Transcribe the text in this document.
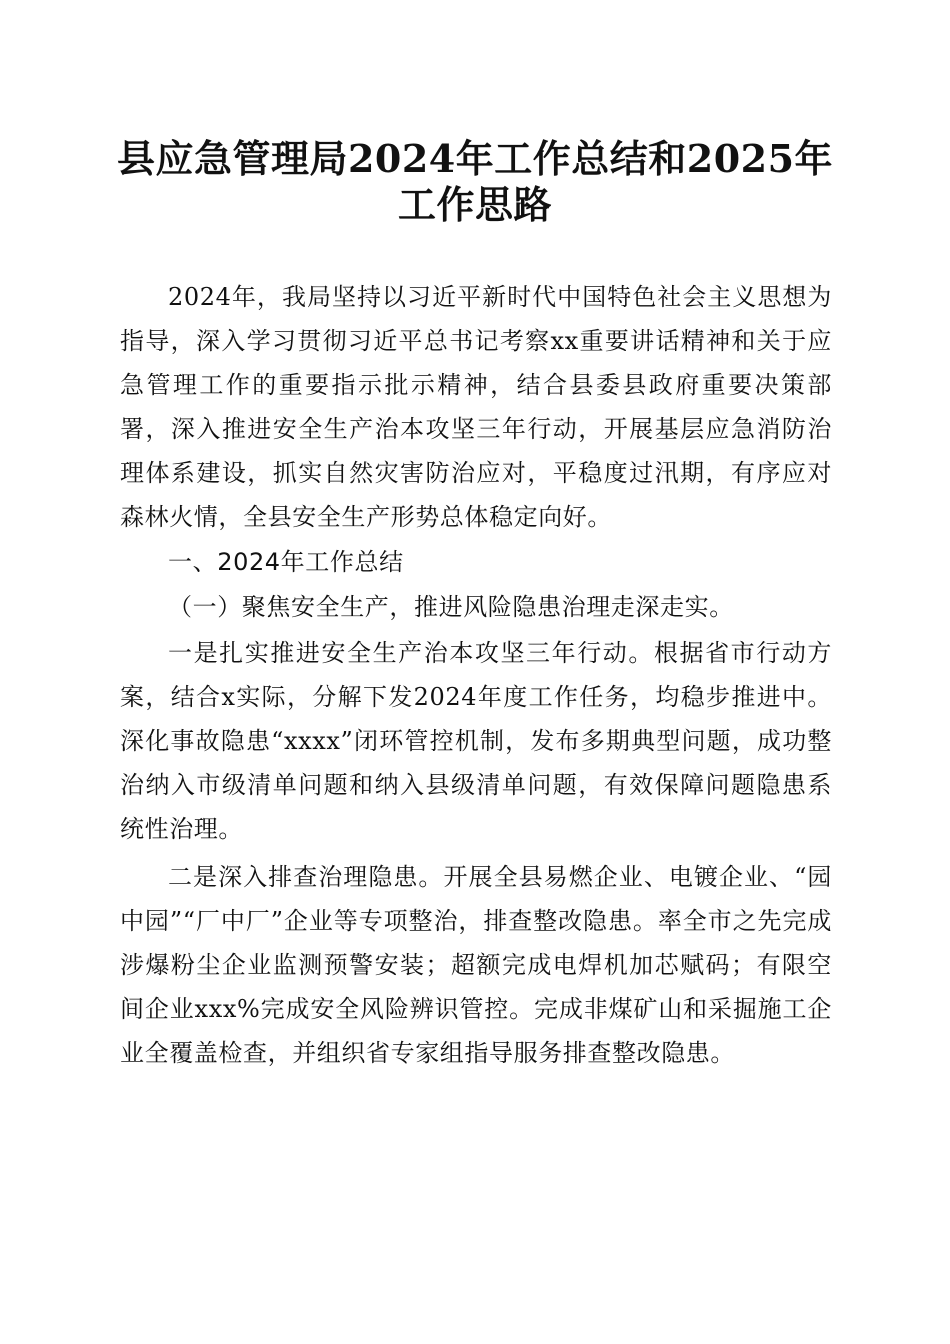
县应急管理局2024年工作总结和2025年工作思路

2024年，我局坚持以习近平新时代中国特色社会主义思想为指导，深入学习贯彻习近平总书记考察xx重要讲话精神和关于应急管理工作的重要指示批示精神，结合县委县政府重要决策部署，深入推进安全生产治本攻坚三年行动，开展基层应急消防治理体系建设，抓实自然灾害防治应对，平稳度过汛期，有序应对森林火情，全县安全生产形势总体稳定向好。

一、2024年工作总结

（一）聚焦安全生产，推进风险隐患治理走深走实。

一是扎实推进安全生产治本攻坚三年行动。根据省市行动方案，结合x实际，分解下发2024年度工作任务，均稳步推进中。深化事故隐患“xxxx”闭环管控机制，发布多期典型问题，成功整治纳入市级清单问题和纳入县级清单问题，有效保障问题隐患系统性治理。

二是深入排查治理隐患。开展全县易燃企业、电镀企业、“园中园”“厂中厂”企业等专项整治，排查整改隐患。率全市之先完成涉爆粉尘企业监测预警安装；超额完成电焊机加芯赋码；有限空间企业xxx%完成安全风险辨识管控。完成非煤矿山和采掘施工企业全覆盖检查，并组织省专家组指导服务排查整改隐患。
